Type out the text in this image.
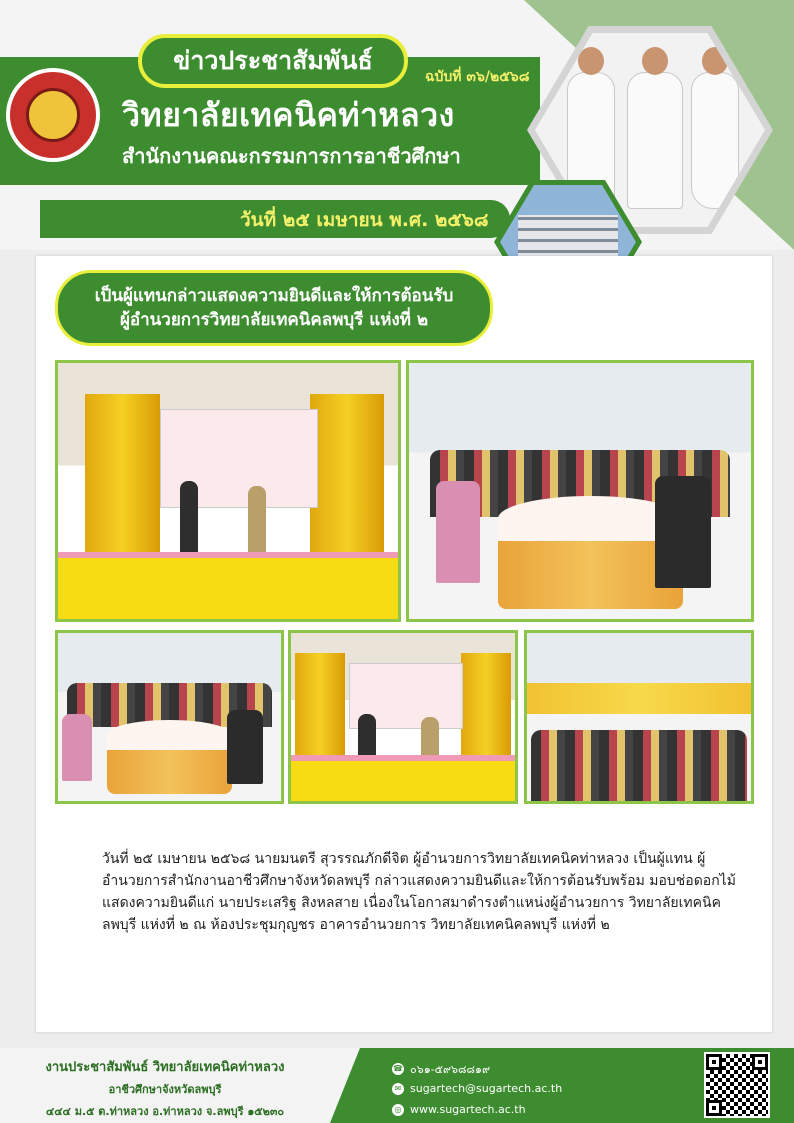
ข่าวประชาสัมพันธ์
ฉบับที่ ๓๖/๒๕๖๘
วิทยาลัยเทคนิคท่าหลวง
สำนักงานคณะกรรมการการอาชีวศึกษา
วันที่ ๒๕ เมษายน พ.ศ. ๒๕๖๘
เป็นผู้แทนกล่าวแสดงความยินดีและให้การต้อนรับ
ผู้อำนวยการวิทยาลัยเทคนิคลพบุรี แห่งที่ ๒
วันที่ ๒๕ เมษายน ๒๕๖๘ นายมนตรี สุวรรณภักดีจิต ผู้อำนวยการวิทยาลัยเทคนิคท่าหลวง เป็นผู้แทน ผู้อำนวยการสำนักงานอาชีวศึกษาจังหวัดลพบุรี กล่าวแสดงความยินดีและให้การต้อนรับพร้อม มอบช่อดอกไม้แสดงความยินดีแก่ นายประเสริฐ สิงหลสาย เนื่องในโอกาสมาดำรงตำแหน่งผู้อำนวยการ วิทยาลัยเทคนิคลพบุรี แห่งที่ ๒ ณ ห้องประชุมกุญชร อาคารอำนวยการ วิทยาลัยเทคนิคลพบุรี แห่งที่ ๒
งานประชาสัมพันธ์ วิทยาลัยเทคนิคท่าหลวง
อาชีวศึกษาจังหวัดลพบุรี
๔๔๔ ม.๕ ต.ท่าหลวง อ.ท่าหลวง จ.ลพบุรี ๑๕๒๓๐
☎ ๐๖๑-๕๙๖๘๘๑๙
✉ sugartech@sugartech.ac.th
◎ www.sugartech.ac.th
